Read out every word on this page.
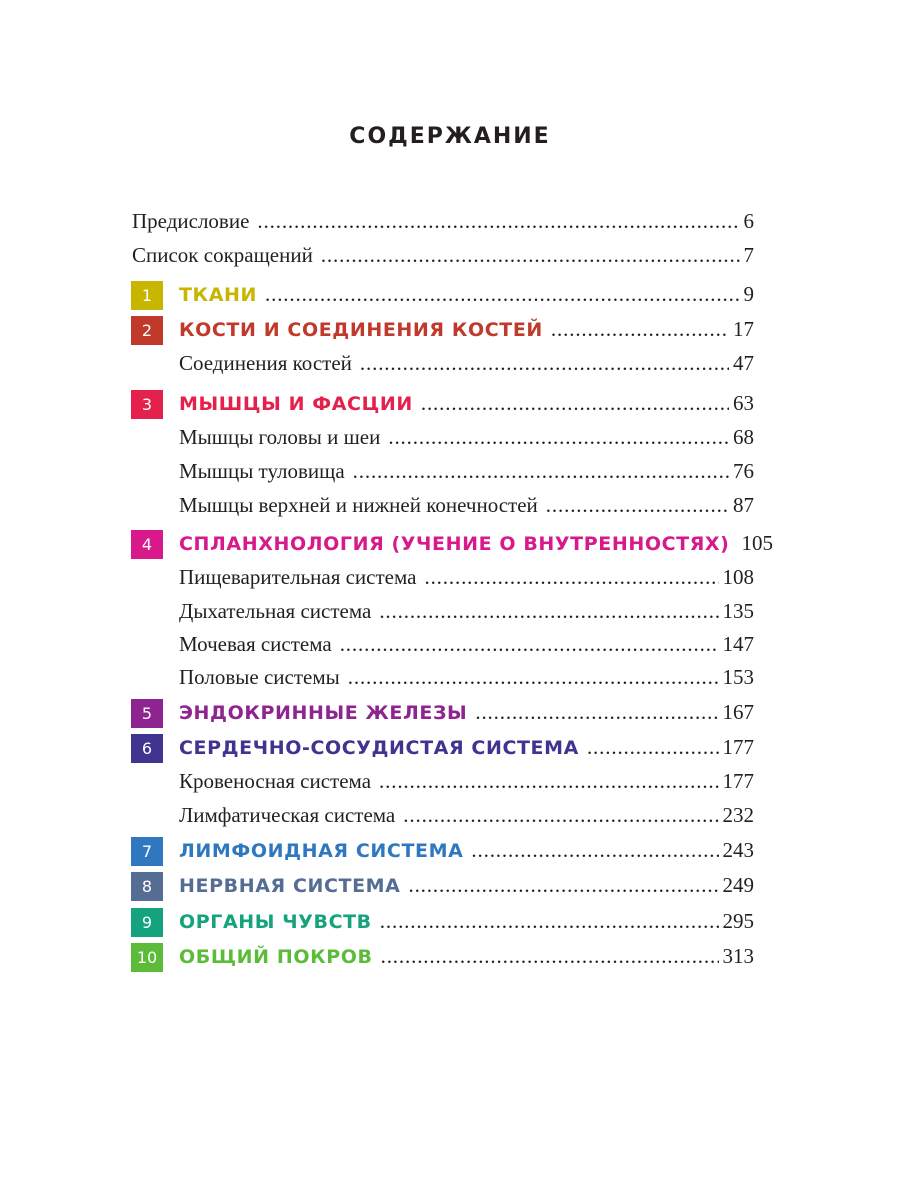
СОДЕРЖАНИЕ
Предисловие . . .	6
Список сокращений . . .	7
1	ТКАНИ . . .	9
2	КОСТИ И СОЕДИНЕНИЯ КОСТЕЙ . . .	17
Соединения костей . . .	47
3	МЫШЦЫ И ФАСЦИИ . . .	63
Мышцы головы и шеи . . .	68
Мышцы туловища . . .	76
Мышцы верхней и нижней конечностей . . .	87
4	СПЛАНХНОЛОГИЯ (УЧЕНИЕ О ВНУТРЕННОСТЯХ) 105
Пищеварительная система . . .	108
Дыхательная система . . .	135
Мочевая система . . .	147
Половые системы . . .	153
5	ЭНДОКРИННЫЕ ЖЕЛЕЗЫ . . .	167
6	СЕРДЕЧНО-СОСУДИСТАЯ СИСТЕМА . . .	177
Кровеносная система . . .	177
Лимфатическая система . . .	232
7	ЛИМФОИДНАЯ СИСТЕМА . . .	243
8	НЕРВНАЯ СИСТЕМА . . .	249
9	ОРГАНЫ ЧУВСТВ . . .	295
10	ОБЩИЙ ПОКРОВ . . .	313
